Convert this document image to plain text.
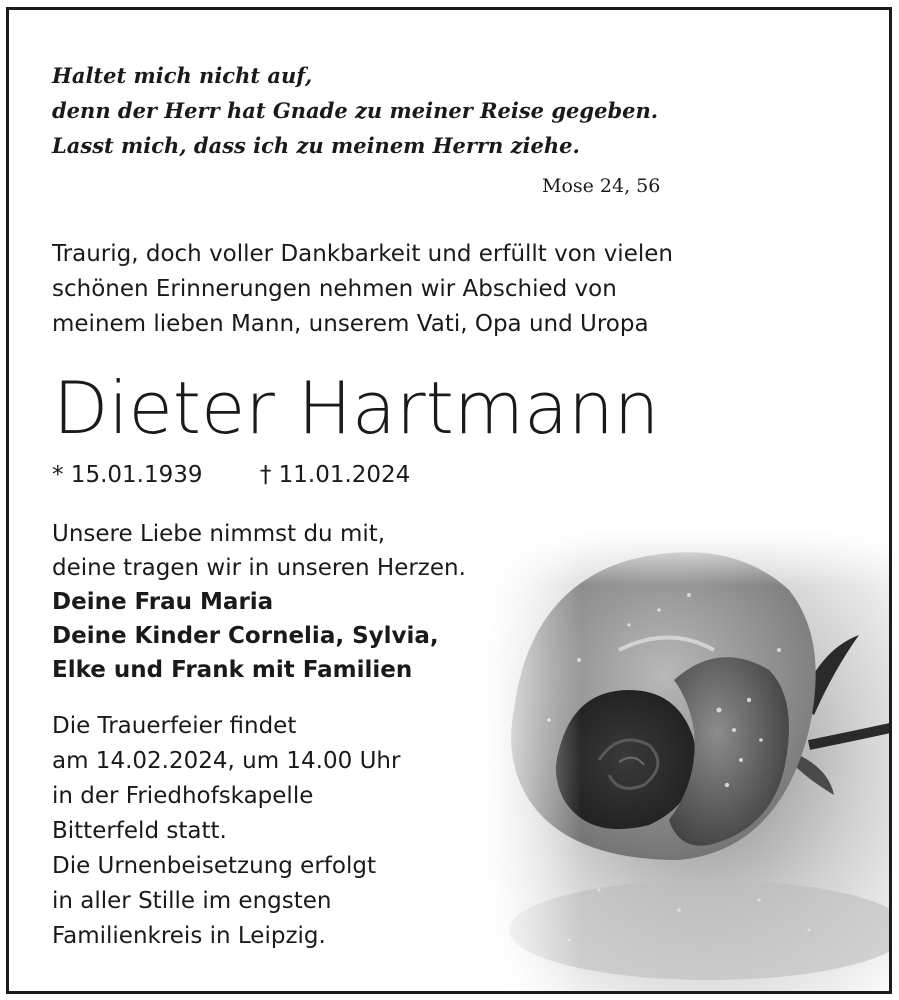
Haltet mich nicht auf,
denn der Herr hat Gnade zu meiner Reise gegeben.
Lasst mich, dass ich zu meinem Herrn ziehe.
Mose 24, 56
Traurig, doch voller Dankbarkeit und erfüllt von vielen
schönen Erinnerungen nehmen wir Abschied von
meinem lieben Mann, unserem Vati, Opa und Uropa
Dieter Hartmann
* 15.01.1939 † 11.01.2024
Unsere Liebe nimmst du mit,
deine tragen wir in unseren Herzen.
Deine Frau Maria
Deine Kinder Cornelia, Sylvia,
Elke und Frank mit Familien
Die Trauerfeier findet
am 14.02.2024, um 14.00 Uhr
in der Friedhofskapelle
Bitterfeld statt.
Die Urnenbeisetzung erfolgt
in aller Stille im engsten
Familienkreis in Leipzig.
